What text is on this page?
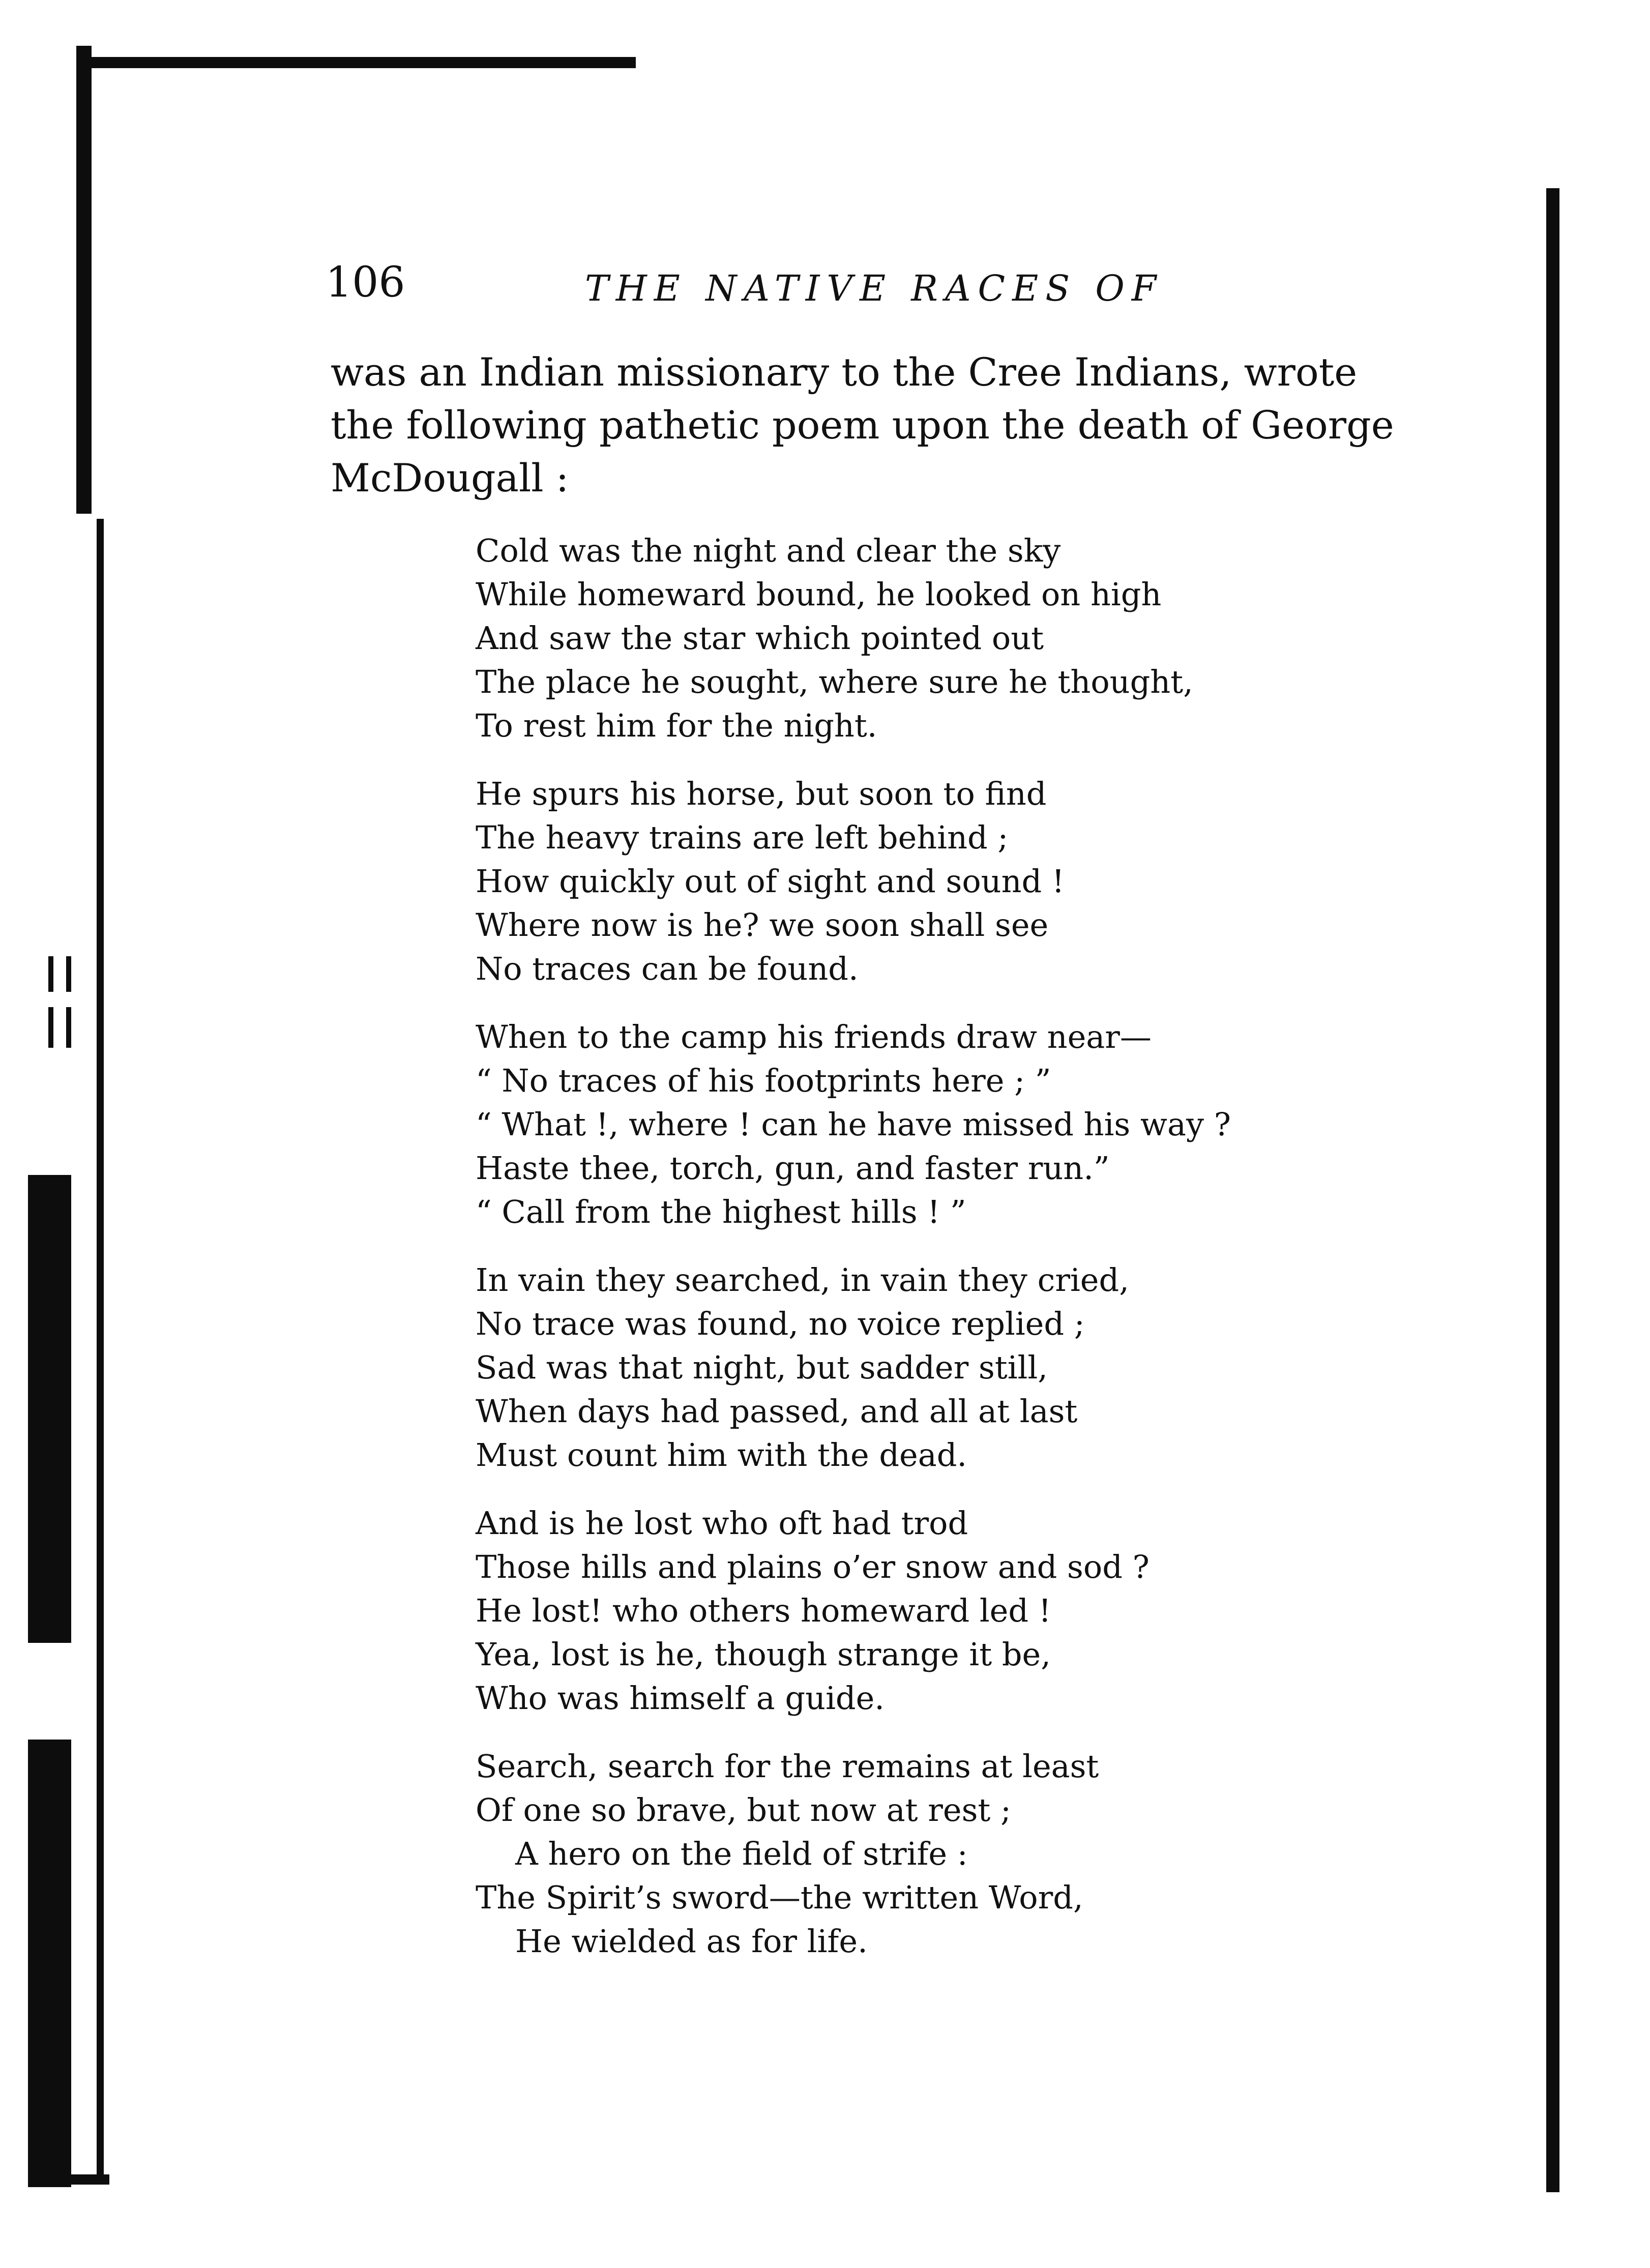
106	THE NATIVE RACES OF

was an Indian missionary to the Cree Indians, wrote
the following pathetic poem upon the death of George
McDougall :

Cold was the night and clear the sky
While homeward bound, he looked on high
And saw the star which pointed out
The place he sought, where sure he thought,
To rest him for the night.
He spurs his horse, but soon to find
The heavy trains are left behind ;
How quickly out of sight and sound !
Where now is he? we soon shall see
No traces can be found.
When to the camp his friends draw near—
“ No traces of his footprints here ; ”
“ What !, where ! can he have missed his way ?
Haste thee, torch, gun, and faster run.”
“ Call from the highest hills ! ”
In vain they searched, in vain they cried,
No trace was found, no voice replied ;
Sad was that night, but sadder still,
When days had passed, and all at last
Must count him with the dead.
And is he lost who oft had trod
Those hills and plains o’er snow and sod ?
He lost! who others homeward led !
Yea, lost is he, though strange it be,
Who was himself a guide.
Search, search for the remains at least
Of one so brave, but now at rest ;
A hero on the field of strife :
The Spirit’s sword—the written Word,
He wielded as for life.
